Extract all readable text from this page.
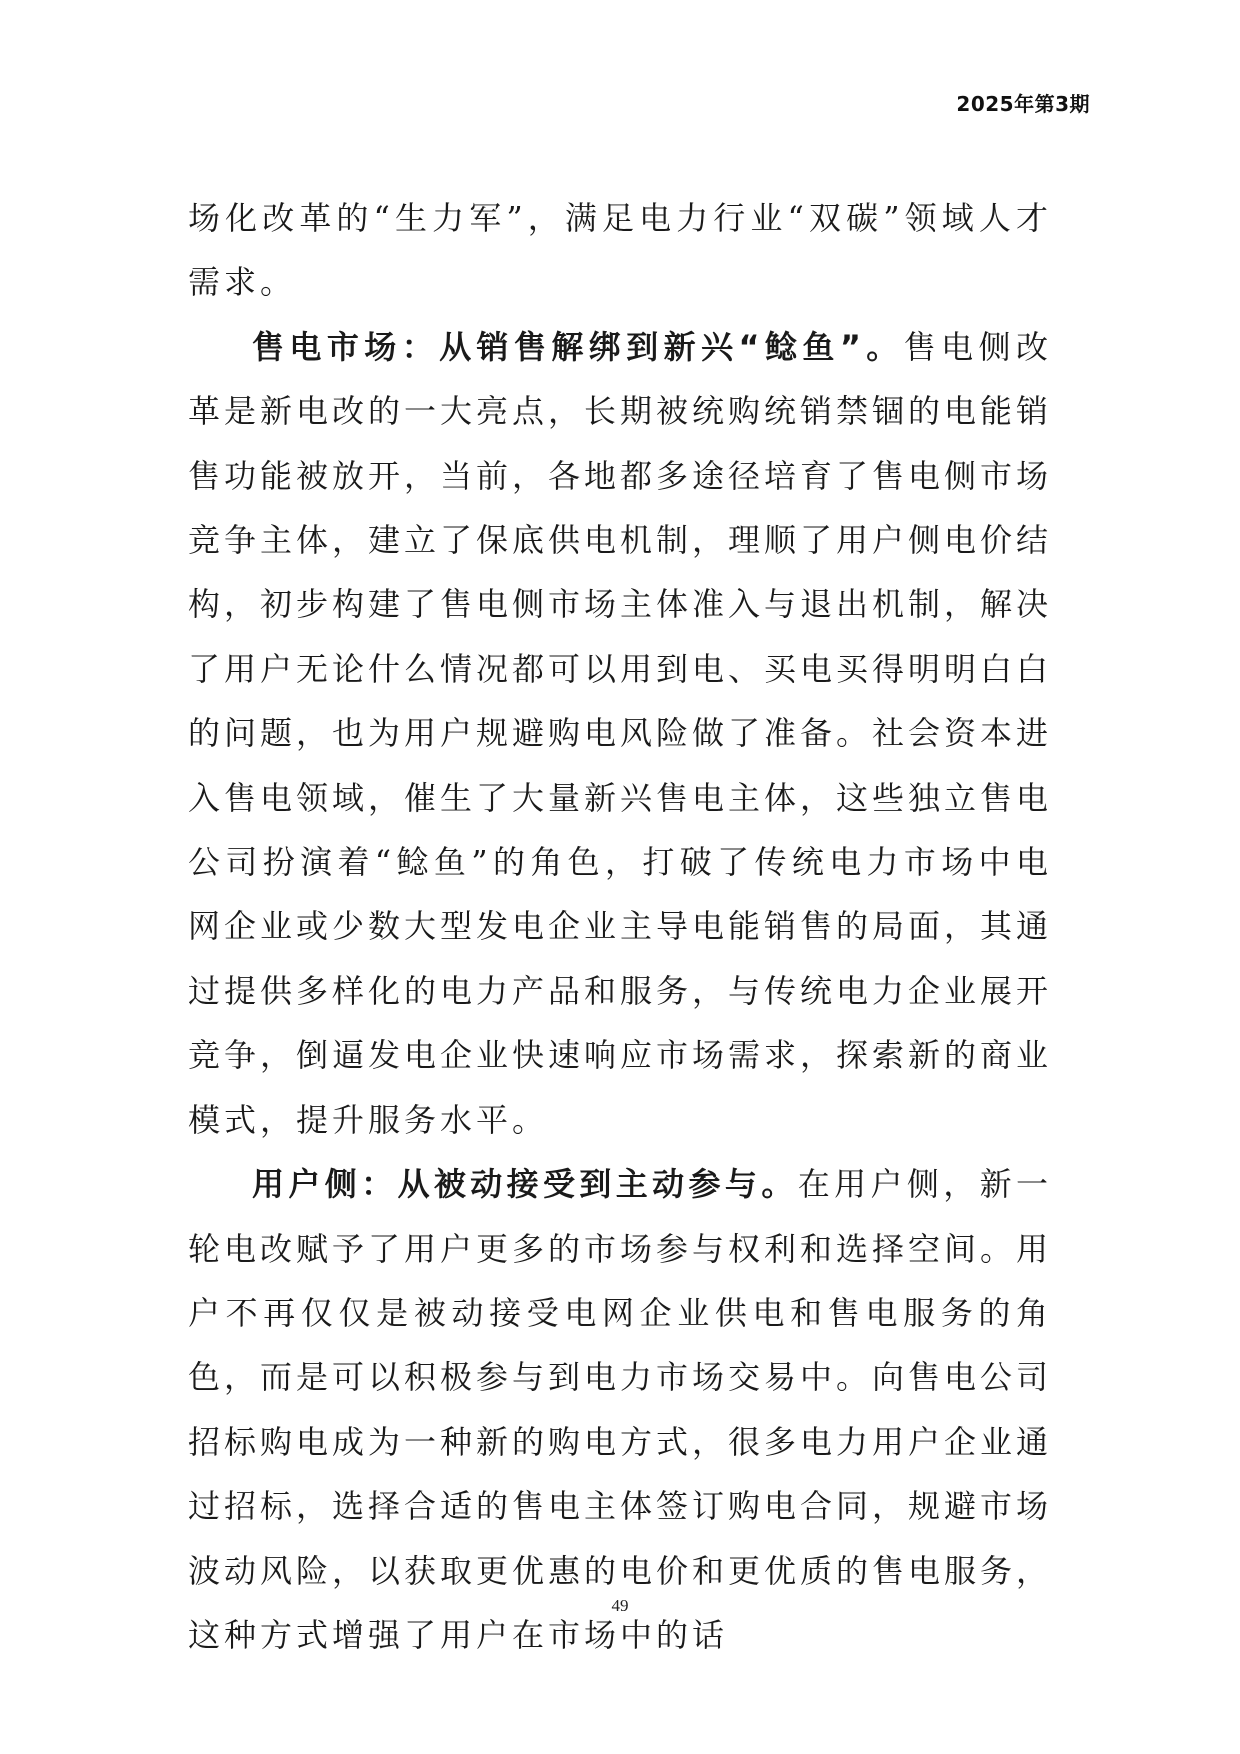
2025年第3期

场化改革的“生力军”，满足电力行业“双碳”领域人才需求。

售电市场：从销售解绑到新兴“鲶鱼”。售电侧改革是新电改的一大亮点，长期被统购统销禁锢的电能销售功能被放开，当前，各地都多途径培育了售电侧市场竞争主体，建立了保底供电机制，理顺了用户侧电价结构，初步构建了售电侧市场主体准入与退出机制，解决了用户无论什么情况都可以用到电、买电买得明明白白的问题，也为用户规避购电风险做了准备。社会资本进入售电领域，催生了大量新兴售电主体，这些独立售电公司扮演着“鲶鱼”的角色，打破了传统电力市场中电网企业或少数大型发电企业主导电能销售的局面，其通过提供多样化的电力产品和服务，与传统电力企业展开竞争，倒逼发电企业快速响应市场需求，探索新的商业模式，提升服务水平。

用户侧：从被动接受到主动参与。在用户侧，新一轮电改赋予了用户更多的市场参与权利和选择空间。用户不再仅仅是被动接受电网企业供电和售电服务的角色，而是可以积极参与到电力市场交易中。向售电公司招标购电成为一种新的购电方式，很多电力用户企业通过招标，选择合适的售电主体签订购电合同，规避市场波动风险，以获取更优惠的电价和更优质的售电服务，这种方式增强了用户在市场中的话

49
